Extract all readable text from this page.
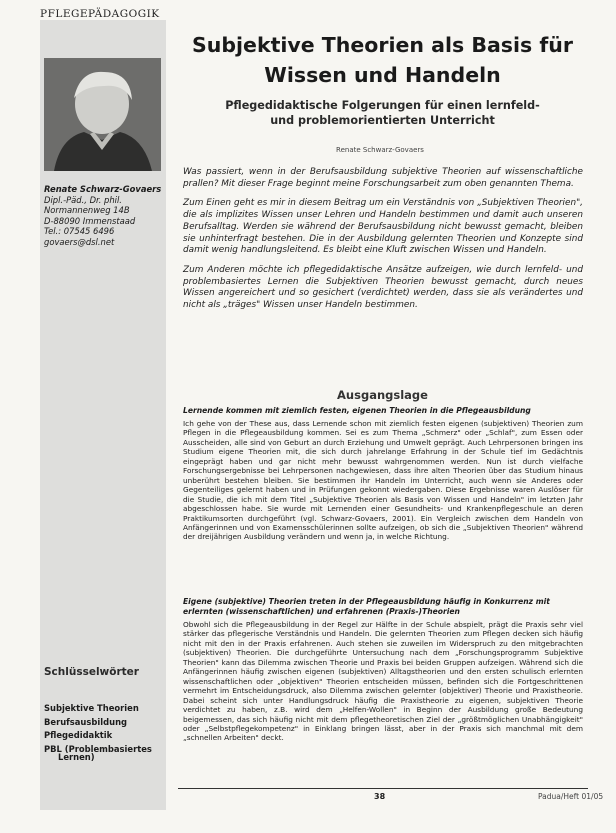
PFLEGEPÄDAGOGIK
Renate Schwarz-Govaers
Dipl.-Päd., Dr. phil.
Normannenweg 14B
D-88090 Immenstaad
Tel.: 07545 6496
govaers@dsl.net
Subjektive Theorien als Basis für
Wissen und Handeln
Pflegedidaktische Folgerungen für einen lernfeld-
und problemorientierten Unterricht
Renate Schwarz-Govaers

Was passiert, wenn in der Berufsausbildung subjektive Theorien auf wissenschaftliche prallen? Mit dieser Frage beginnt meine Forschungsarbeit zum oben genannten Thema.

Zum Einen geht es mir in diesem Beitrag um ein Verständnis von „Subjektiven Theorien", die als implizites Wissen unser Lehren und Handeln bestimmen und damit auch unseren Berufsalltag. Werden sie während der Berufsausbildung nicht bewusst gemacht, bleiben sie unhinterfragt bestehen. Die in der Ausbildung gelernten Theorien und Konzepte sind damit wenig handlungsleitend. Es bleibt eine Kluft zwischen Wissen und Handeln.

Zum Anderen möchte ich pflegedidaktische Ansätze aufzeigen, wie durch lernfeld- und problembasiertes Lernen die Subjektiven Theorien bewusst gemacht, durch neues Wissen angereichert und so gesichert (verdichtet) werden, dass sie als verändertes und nicht als „träges" Wissen unser Handeln bestimmen.

Ausgangslage
Lernende kommen mit ziemlich festen, eigenen Theorien in die Pflegeausbildung
Ich gehe von der These aus, dass Lernende schon mit ziemlich festen eigenen (subjektiven) Theorien zum Pflegen in die Pflegeausbildung kommen. Sei es zum Thema „Schmerz" oder „Schlaf", zum Essen oder Ausscheiden, alle sind von Geburt an durch Erziehung und Umwelt geprägt. Auch Lehrpersonen bringen ins Studium eigene Theorien mit, die sich durch jahrelange Erfahrung in der Schule tief im Gedächtnis eingeprägt haben und gar nicht mehr bewusst wahrgenommen werden. Nun ist durch vielfache Forschungsergebnisse bei Lehrpersonen nachgewiesen, dass ihre alten Theorien über das Studium hinaus unberührt bestehen bleiben. Sie bestimmen ihr Handeln im Unterricht, auch wenn sie Anderes oder Gegenteiliges gelernt haben und in Prüfungen gekonnt wiedergaben. Diese Ergebnisse waren Auslöser für die Studie, die ich mit dem Titel „Subjektive Theorien als Basis von Wissen und Handeln" im letzten Jahr abgeschlossen habe. Sie wurde mit Lernenden einer Gesundheits- und Krankenpflegeschule an deren Praktikumsorten durchgeführt (vgl. Schwarz-Govaers, 2001). Ein Vergleich zwischen dem Handeln von Anfängerinnen und von Examensschülerinnen sollte aufzeigen, ob sich die „Subjektiven Theorien" während der dreijährigen Ausbildung verändern und wenn ja, in welche Richtung.
Eigene (subjektive) Theorien treten in der Pflegeausbildung häufig in Konkurrenz mit erlernten (wissenschaftlichen) und erfahrenen (Praxis-)Theorien
Obwohl sich die Pflegeausbildung in der Regel zur Hälfte in der Schule abspielt, prägt die Praxis sehr viel stärker das pflegerische Verständnis und Handeln. Die gelernten Theorien zum Pflegen decken sich häufig nicht mit den in der Praxis erfahrenen. Auch stehen sie zuweilen im Widerspruch zu den mitgebrachten (subjektiven) Theorien. Die durchgeführte Untersuchung nach dem „Forschungsprogramm Subjektive Theorien" kann das Dilemma zwischen Theorie und Praxis bei beiden Gruppen aufzeigen. Während sich die Anfängerinnen häufig zwischen eigenen (subjektiven) Alltagstheorien und den ersten schulisch erlernten wissenschaftlichen oder „objektiven" Theorien entscheiden müssen, befinden sich die Fortgeschrittenen vermehrt im Entscheidungsdruck, also Dilemma zwischen gelernter (objektiver) Theorie und Praxistheorie. Dabei scheint sich unter Handlungsdruck häufig die Praxistheorie zu eigenen, subjektiven Theorie verdichtet zu haben, z.B. wird dem „Helfen-Wollen" in Beginn der Ausbildung große Bedeutung beigemessen, das sich häufig nicht mit dem pflegetheoretischen Ziel der „größtmöglichen Unabhängigkeit" oder „Selbstpflegekompetenz" in Einklang bringen lässt, aber in der Praxis sich manchmal mit dem „schnellen Arbeiten" deckt.
Schlüsselwörter
Subjektive Theorien
Berufsausbildung
Pflegedidaktik
PBL (Problembasiertes
Lernen)
38	Padua/Heft 01/05
